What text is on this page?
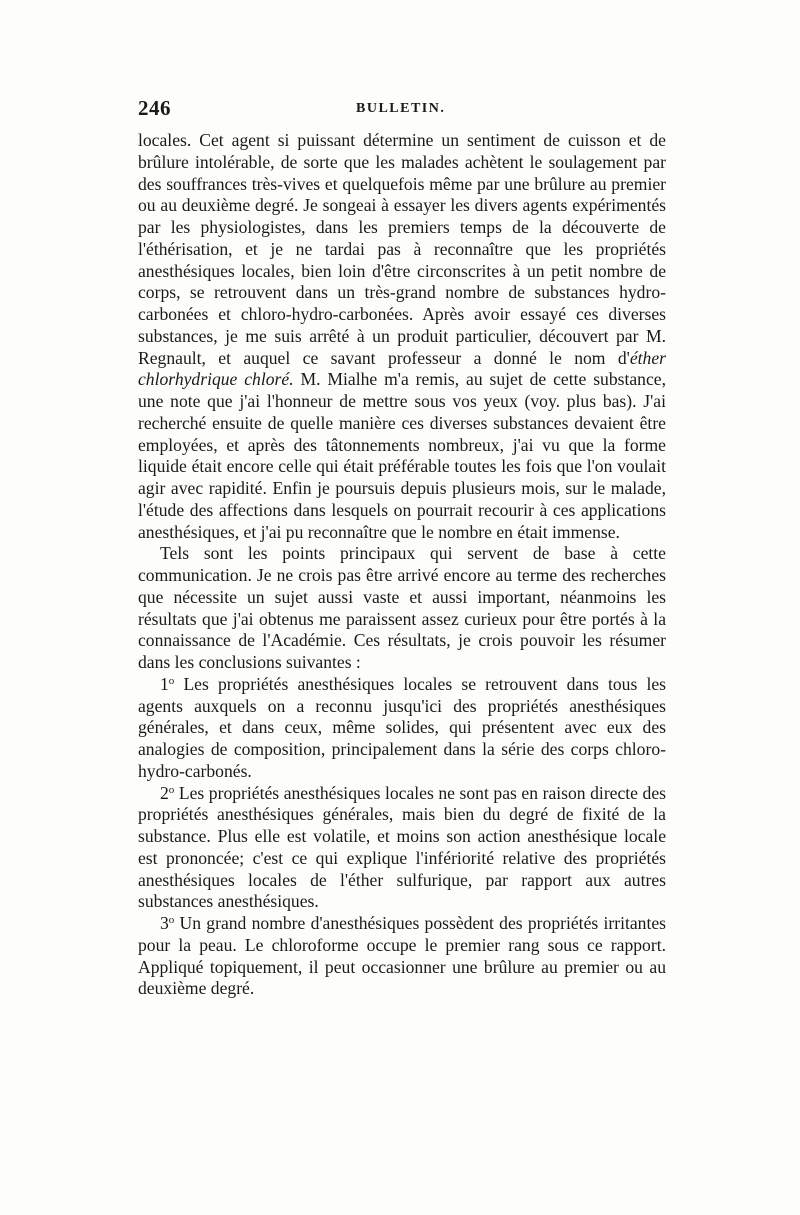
246	BULLETIN.

locales. Cet agent si puissant détermine un sentiment de cuisson et de brûlure intolérable, de sorte que les malades achètent le soulagement par des souffrances très-vives et quelquefois même par une brûlure au premier ou au deuxième degré. Je songeai à essayer les divers agents expérimentés par les physiologistes, dans les premiers temps de la découverte de l'éthérisation, et je ne tardai pas à reconnaître que les propriétés anesthésiques locales, bien loin d'être circonscrites à un petit nombre de corps, se retrouvent dans un très-grand nombre de substances hydro-carbonées et chloro-hydro-carbonées. Après avoir essayé ces diverses substances, je me suis arrêté à un produit particulier, découvert par M. Regnault, et auquel ce savant professeur a donné le nom d'éther chlorhydrique chloré. M. Mialhe m'a remis, au sujet de cette substance, une note que j'ai l'honneur de mettre sous vos yeux (voy. plus bas). J'ai recherché ensuite de quelle manière ces diverses substances devaient être employées, et après des tâtonnements nombreux, j'ai vu que la forme liquide était encore celle qui était préférable toutes les fois que l'on voulait agir avec rapidité. Enfin je poursuis depuis plusieurs mois, sur le malade, l'étude des affections dans lesquels on pourrait recourir à ces applications anesthésiques, et j'ai pu reconnaître que le nombre en était immense.

Tels sont les points principaux qui servent de base à cette communication. Je ne crois pas être arrivé encore au terme des recherches que nécessite un sujet aussi vaste et aussi important, néanmoins les résultats que j'ai obtenus me paraissent assez curieux pour être portés à la connaissance de l'Académie. Ces résultats, je crois pouvoir les résumer dans les conclusions suivantes :

1$^o$ Les propriétés anesthésiques locales se retrouvent dans tous les agents auxquels on a reconnu jusqu'ici des propriétés anesthésiques générales, et dans ceux, même solides, qui présentent avec eux des analogies de composition, principalement dans la série des corps chloro-hydro-carbonés.

2$^o$ Les propriétés anesthésiques locales ne sont pas en raison directe des propriétés anesthésiques générales, mais bien du degré de fixité de la substance. Plus elle est volatile, et moins son action anesthésique locale est prononcée; c'est ce qui explique l'infériorité relative des propriétés anesthésiques locales de l'éther sulfurique, par rapport aux autres substances anesthésiques.

3$^o$ Un grand nombre d'anesthésiques possèdent des propriétés irritantes pour la peau. Le chloroforme occupe le premier rang sous ce rapport. Appliqué topiquement, il peut occasionner une brûlure au premier ou au deuxième degré.
